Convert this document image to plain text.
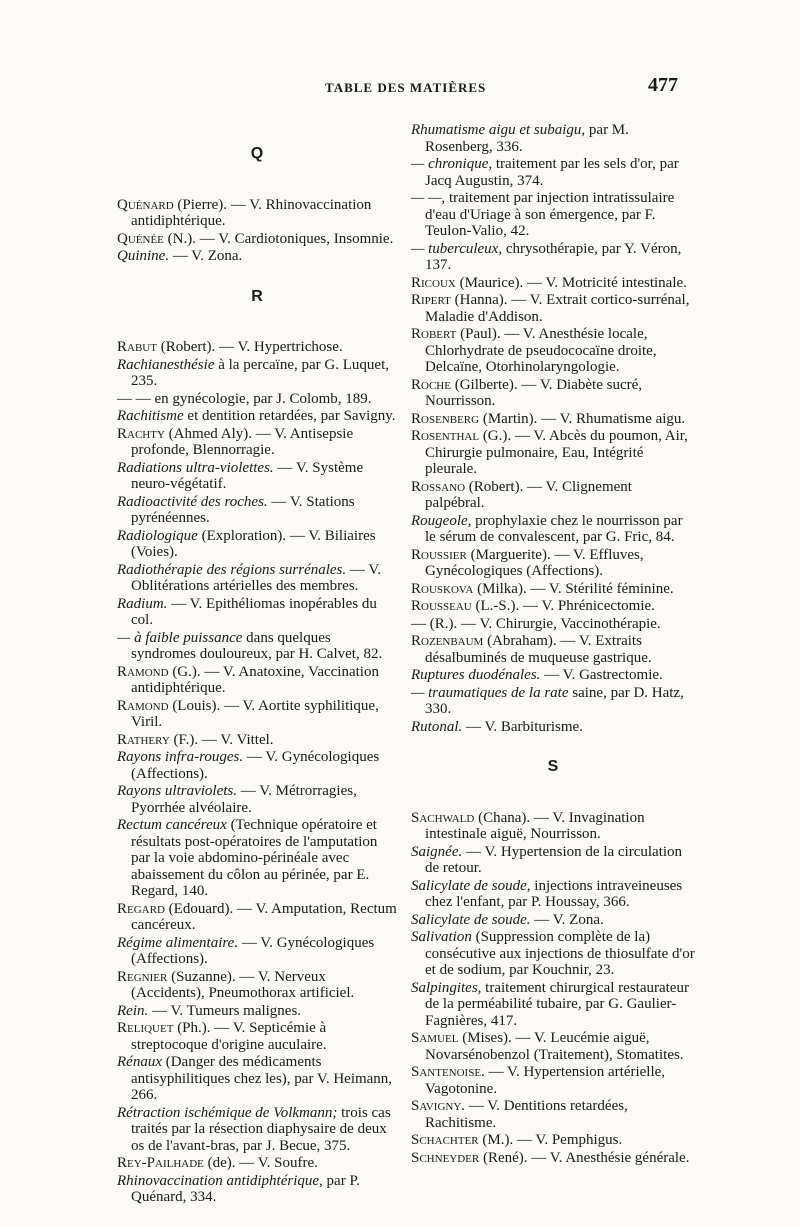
TABLE DES MATIÈRES	477
Q
Quénard (Pierre). — V. Rhinovaccination antidiphtérique.
Quénée (N.). — V. Cardiotoniques, Insomnie.
Quinine. — V. Zona.
R
Rabut (Robert). — V. Hypertrichose.
Rachianesthésie à la percaïne, par G. Luquet, 235.
— — en gynécologie, par J. Colomb, 189.
Rachitisme et dentition retardées, par Savigny.
Rachty (Ahmed Aly). — V. Antisepsie profonde, Blennorragie.
Radiations ultra-violettes. — V. Système neuro-végétatif.
Radioactivité des roches. — V. Stations pyrénéennes.
Radiologique (Exploration). — V. Biliaires (Voies).
Radiothérapie des régions surrénales. — V. Oblitérations artérielles des membres.
Radium. — V. Epithéliomas inopérables du col.
— à faible puissance dans quelques syndromes douloureux, par H. Calvet, 82.
Ramond (G.). — V. Anatoxine, Vaccination antidiphtérique.
Ramond (Louis). — V. Aortite syphilitique, Viril.
Rathery (F.). — V. Vittel.
Rayons infra-rouges. — V. Gynécologiques (Affections).
Rayons ultraviolets. — V. Métrorragies, Pyorrhée alvéolaire.
Rectum cancéreux (Technique opératoire et résultats post-opératoires de l'amputation par la voie abdomino-périnéale avec abaissement du côlon au périnée, par E. Regard, 140.
Regard (Edouard). — V. Amputation, Rectum cancéreux.
Régime alimentaire. — V. Gynécologiques (Affections).
Regnier (Suzanne). — V. Nerveux (Accidents), Pneumothorax artificiel.
Rein. — V. Tumeurs malignes.
Reliquet (Ph.). — V. Septicémie à streptocoque d'origine auculaire.
Rénaux (Danger des médicaments antisyphilitiques chez les), par V. Heimann, 266.
Rétraction ischémique de Volkmann; trois cas traités par la résection diaphysaire de deux os de l'avant-bras, par J. Becue, 375.
Rey-Pailhade (de). — V. Soufre.
Rhinovaccination antidiphtérique, par P. Quénard, 334.
Rhumatisme aigu et subaigu, par M. Rosenberg, 336.
— chronique, traitement par les sels d'or, par Jacq Augustin, 374.
— —, traitement par injection intratissulaire d'eau d'Uriage à son émergence, par F. Teulon-Valio, 42.
— tuberculeux, chrysothérapie, par Y. Véron, 137.
Ricoux (Maurice). — V. Motricité intestinale.
Ripert (Hanna). — V. Extrait cortico-surrénal, Maladie d'Addison.
Robert (Paul). — V. Anesthésie locale, Chlorhydrate de pseudococaïne droite, Delcaïne, Otorhinolaryngologie.
Roche (Gilberte). — V. Diabète sucré, Nourrisson.
Rosenberg (Martin). — V. Rhumatisme aigu.
Rosenthal (G.). — V. Abcès du poumon, Air, Chirurgie pulmonaire, Eau, Intégrité pleurale.
Rossano (Robert). — V. Clignement palpébral.
Rougeole, prophylaxie chez le nourrisson par le sérum de convalescent, par G. Fric, 84.
Roussier (Marguerite). — V. Effluves, Gynécologiques (Affections).
Rouskova (Milka). — V. Stérilité féminine.
Rousseau (L.-S.). — V. Phrénicectomie.
— (R.). — V. Chirurgie, Vaccinothérapie.
Rozenbaum (Abraham). — V. Extraits désalbuminés de muqueuse gastrique.
Ruptures duodénales. — V. Gastrectomie.
— traumatiques de la rate saine, par D. Hatz, 330.
Rutonal. — V. Barbiturisme.
S
Sachwald (Chana). — V. Invagination intestinale aiguë, Nourrisson.
Saignée. — V. Hypertension de la circulation de retour.
Salicylate de soude, injections intraveineuses chez l'enfant, par P. Houssay, 366.
Salicylate de soude. — V. Zona.
Salivation (Suppression complète de la) consécutive aux injections de thiosulfate d'or et de sodium, par Kouchnir, 23.
Salpingites, traitement chirurgical restaurateur de la perméabilité tubaire, par G. Gaulier-Fagnières, 417.
Samuel (Mises). — V. Leucémie aiguë, Novarsénobenzol (Traitement), Stomatites.
Santenoise. — V. Hypertension artérielle, Vagotonine.
Savigny. — V. Dentitions retardées, Rachitisme.
Schachter (M.). — V. Pemphigus.
Schneyder (René). — V. Anesthésie générale.
